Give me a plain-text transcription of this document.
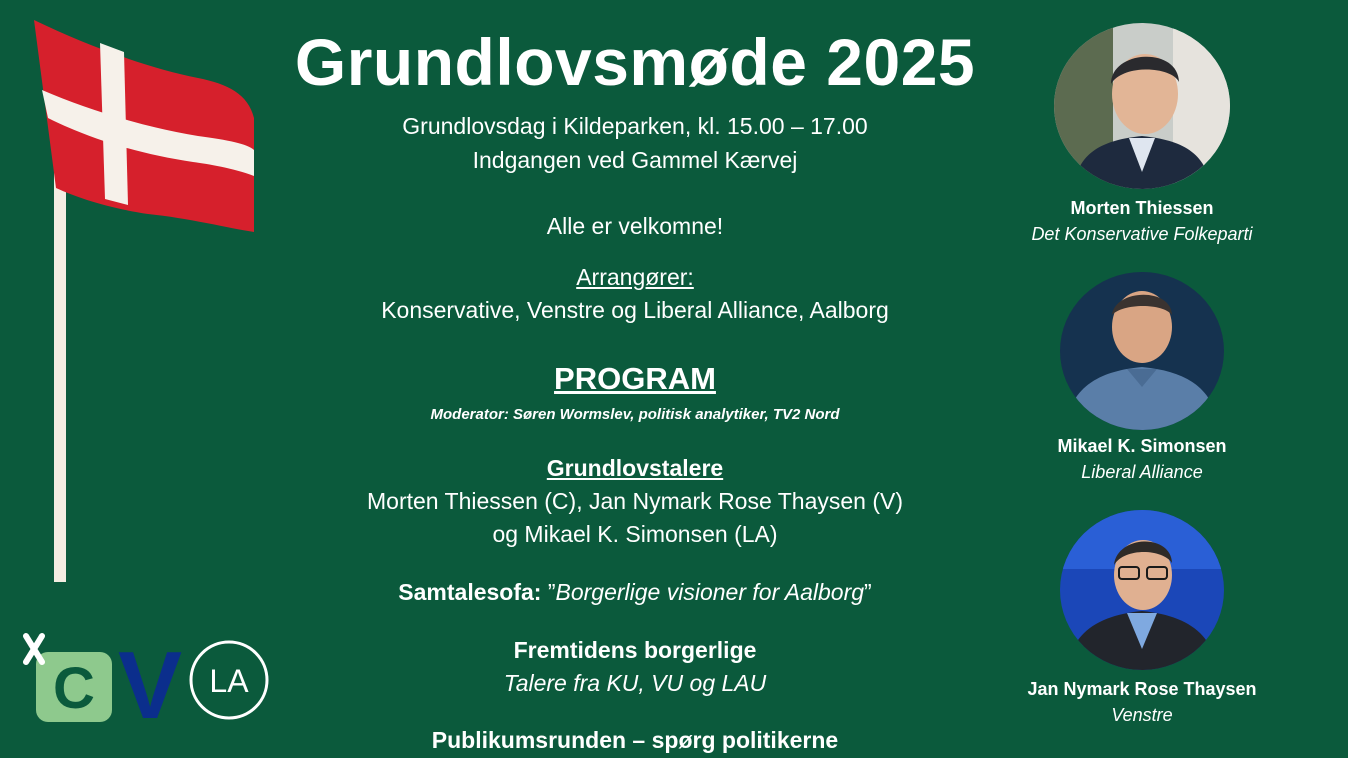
C V LA
Grundlovsmøde 2025
Grundlovsdag i Kildeparken, kl. 15.00 – 17.00
Indgangen ved Gammel Kærvej
Alle er velkomne!
Arrangører:
Konservative, Venstre og Liberal Alliance, Aalborg
PROGRAM
Moderator: Søren Wormslev, politisk analytiker, TV2 Nord
Grundlovstalere
Morten Thiessen (C), Jan Nymark Rose Thaysen (V)
og Mikael K. Simonsen (LA)
Samtalesofa: ”Borgerlige visioner for Aalborg”
Fremtidens borgerlige
Talere fra KU, VU og LAU
Publikumsrunden – spørg politikerne
Morten Thiessen
Det Konservative Folkeparti
Mikael K. Simonsen
Liberal Alliance
Jan Nymark Rose Thaysen
Venstre
